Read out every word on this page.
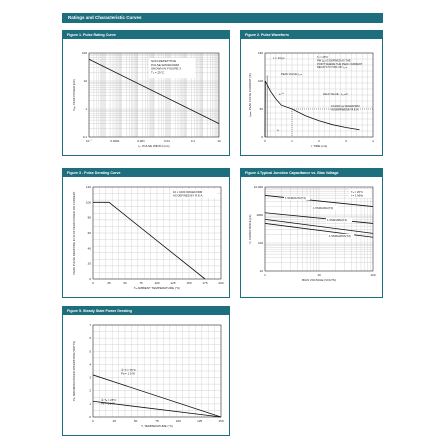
Ratings and Characteristic Curves
Figure 1. Pulse Rating Curve
10⁻⁷	0.0001	0.001	0.01	0.1	10
0.1
1
10
100
tₚ, PULSE WIDTH (ms)
Pₚₚ, PEAK POWER (kW)
NON-REPETITIVE
PULSE WAVEFORM
SHOWN IN FIGURE 3
Tₐ = 25°C
Figure 2. Pulse Waveform
0	1	2	3	4
0
50
100
150
t, TIME (ms)
Iₚₚₘ, PEAK PULSE CURRENT (%)
tᵣ = 10 μs
PEAK VALUE Iₚₚₘ
Tₐ = 25°C
PW (tₚ) IS DEFINED AS THE
POINT WHERE THE PEAK CURRENT
DECAYS TO 50% OF Iₚₚₘ
HALF VALUE - Iₚₚₘ/2
10/1000 μs WAVEFORM
AS DEFINED BY R.E.A.
e⁻ᵏᵗ
tₚ
Figure 3 - Pulse Derating Curve
0	25	50	75	100	125	150	175	200
0
20
40
60
80
100
120
Tₐ AMBIENT TEMPERATURE (°C)
PEAK PULSE DERATING IN % OF PEAK POWER OR CURRENT	10 x 1000 WAVEFORM
AS DEFINED BY R.E.A.
Figure 4.Typical Junction Capacitance vs. Bias Voltage
1	10	100
10
100
1000
10,000
BIAS VOLTAGE (VOLTS)
C, CAPACITANCE (pF)
Tₐ = 25°C
f = 1 MHz
1.5SMA6.8A(T4)
1.5SMA30A(T4)
1.5SMA68A(T4)
1.5SMA200A(T4)
Figure 5. Steady State Power Derating
0	25	50	75	100	125	150
0
1
2
3
4
5
6
7
T, TEMPERATURE (°C)
Pᴅ, MAXIMUM POWER DISSIPATION (WATTS)	① Tₗ = 75°C
Pᴅ = 1.5 W
② Tₐ = 25°C
Pᴅ = 0.5 W
